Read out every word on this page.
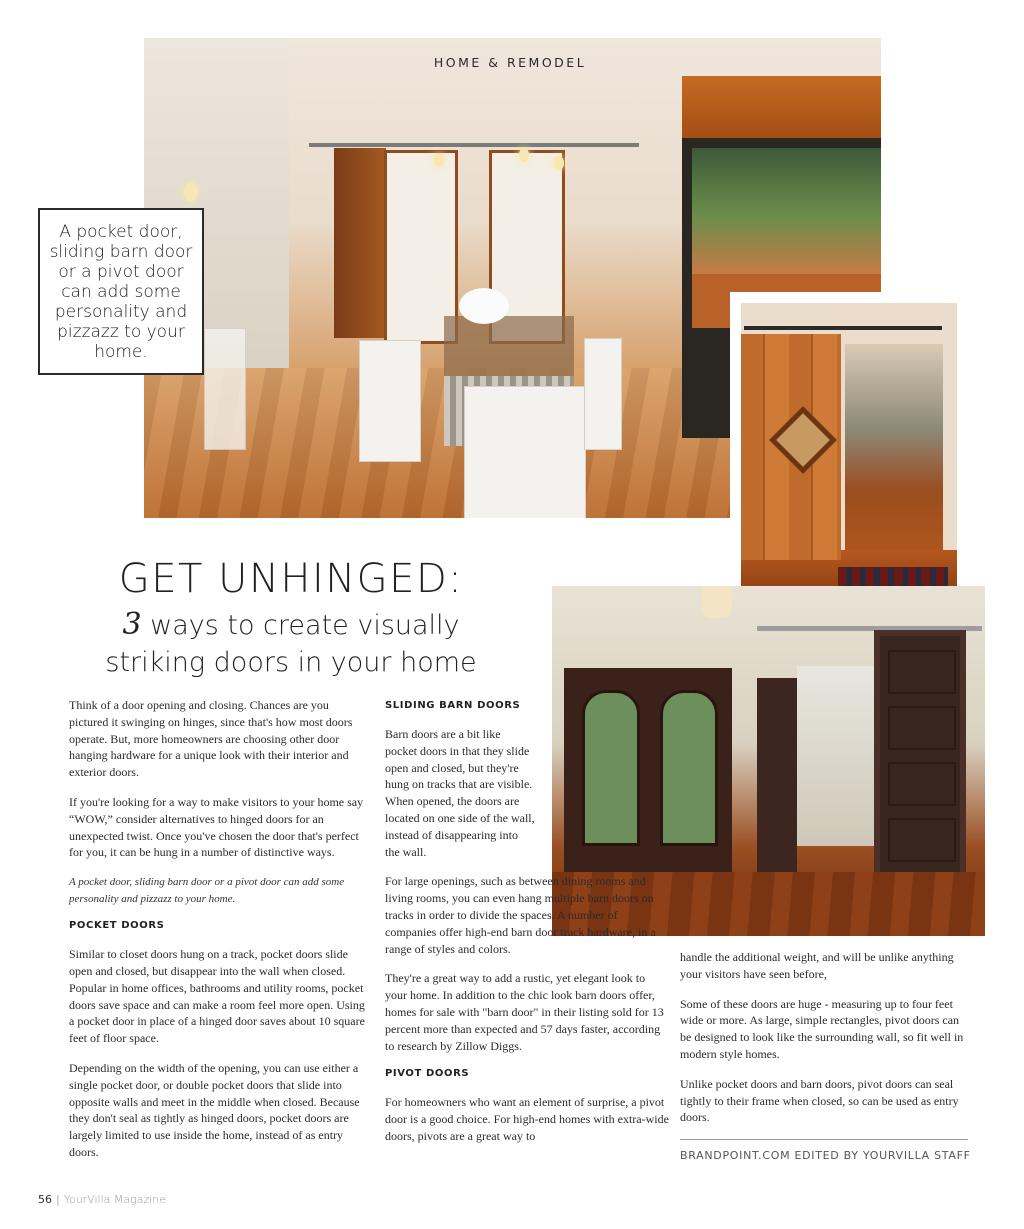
HOME & REMODEL
A pocket door, sliding barn door or a pivot door can add some personality and pizzazz to your home.
GET UNHINGED:
3 ways to create visually striking doors in your home

Think of a door opening and closing. Chances are you pictured it swinging on hinges, since that's how most doors operate. But, more homeowners are choosing other door hanging hardware for a unique look with their interior and exterior doors.

If you're looking for a way to make visitors to your home say “WOW,” consider alternatives to hinged doors for an unexpected twist. Once you've chosen the door that's perfect for you, it can be hung in a number of distinctive ways.

A pocket door, sliding barn door or a pivot door can add some personality and pizzazz to your home.

POCKET DOORS

Similar to closet doors hung on a track, pocket doors slide open and closed, but disappear into the wall when closed. Popular in home offices, bathrooms and utility rooms, pocket doors save space and can make a room feel more open. Using a pocket door in place of a hinged door saves about 10 square feet of floor space.

Depending on the width of the opening, you can use either a single pocket door, or double pocket doors that slide into opposite walls and meet in the middle when closed. Because they don't seal as tightly as hinged doors, pocket doors are largely limited to use inside the home, instead of as entry doors.

SLIDING BARN DOORS

Barn doors are a bit like pocket doors in that they slide open and closed, but they're hung on tracks that are visible. When opened, the doors are located on one side of the wall, instead of disappearing into the wall.

For large openings, such as between dining rooms and living rooms, you can even hang multiple barn doors on tracks in order to divide the spaces. A number of companies offer high-end barn door track hardware, in a range of styles and colors.

They're a great way to add a rustic, yet elegant look to your home. In addition to the chic look barn doors offer, homes for sale with "barn door" in their listing sold for 13 percent more than expected and 57 days faster, according to research by Zillow Diggs.

PIVOT DOORS

For homeowners who want an element of surprise, a pivot door is a good choice. For high-end homes with extra-wide doors, pivots are a great way to

handle the additional weight, and will be unlike anything your visitors have seen before,

Some of these doors are huge - measuring up to four feet wide or more. As large, simple rectangles, pivot doors can be designed to look like the surrounding wall, so fit well in modern style homes.

Unlike pocket doors and barn doors, pivot doors can seal tightly to their frame when closed, so can be used as entry doors.

BRANDPOINT.COM EDITED BY YOURVILLA STAFF
56 | YourVilla Magazine
